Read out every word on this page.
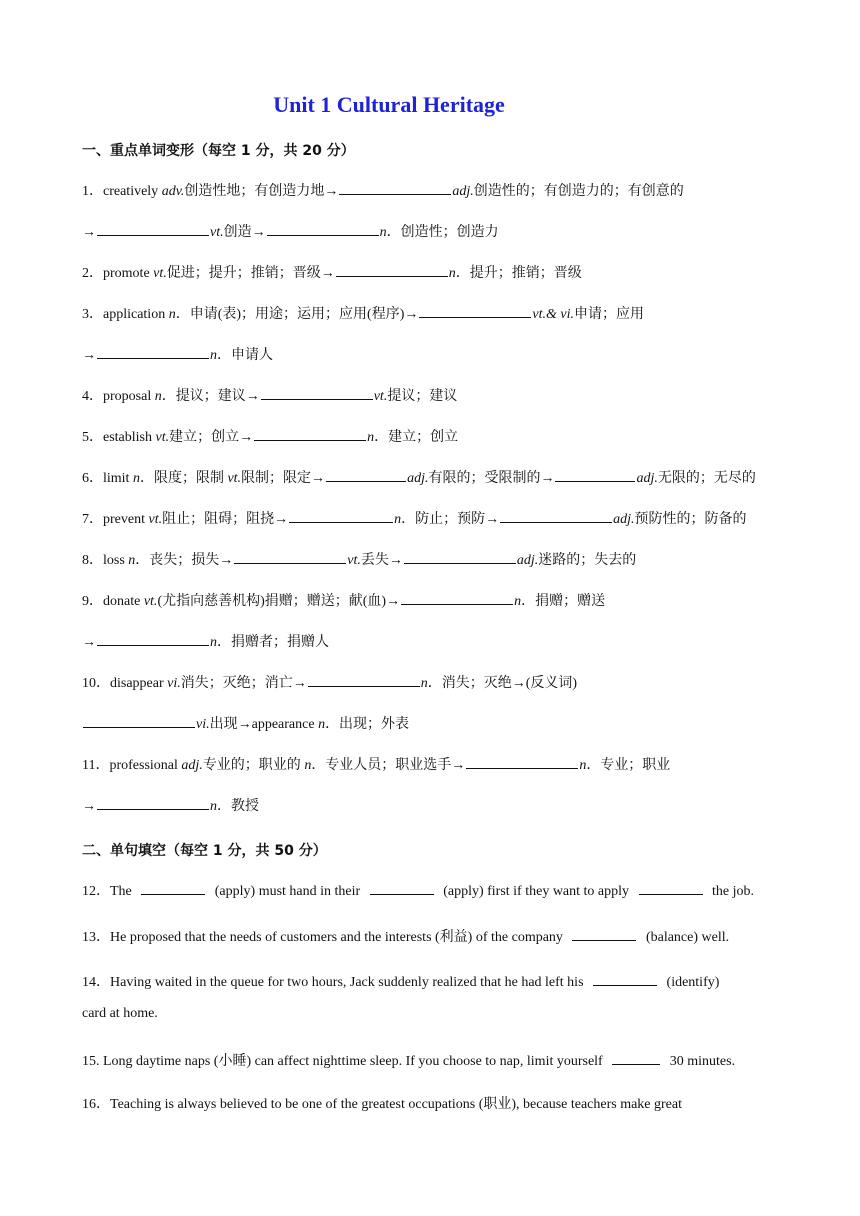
Unit 1 Cultural Heritage
一、重点单词变形（每空 1 分，共 20 分）
1．creatively adv.创造性地；有创造力地→	adj.创造性的；有创造力的；有创意的
→	vt.创造→	n．创造性；创造力
2．promote vt.促进；提升；推销；晋级→	n．提升；推销；晋级
3．application n．申请(表)；用途；运用；应用(程序)→	vt.& vi.申请；应用
→	n．申请人
4．proposal n．提议；建议→	vt.提议；建议
5．establish vt.建立；创立→	n．建立；创立
6．limit n．限度；限制 vt.限制；限定→	adj.有限的；受限制的→	adj.无限的；无尽的
7．prevent vt.阻止；阻碍；阻挠→	n．防止；预防→	adj.预防性的；防备的
8．loss n．丧失；损失→	vt.丢失→	adj.迷路的；失去的
9．donate vt.(尤指向慈善机构)捐赠；赠送；献(血)→	n．捐赠；赠送
→	n．捐赠者；捐赠人
10．disappear vi.消失；灭绝；消亡→	n．消失；灭绝→(反义词)
vi.出现→appearance n．出现；外表
11．professional adj.专业的；职业的 n．专业人员；职业选手→	n．专业；职业
→	n．教授
二、单句填空（每空 1 分，共 50 分）
12．The	(apply) must hand in their	(apply) first if they want to apply	the job.
13．He proposed that the needs of customers and the interests (利益) of the company	(balance) well.
14．Having waited in the queue for two hours, Jack suddenly realized that he had left his	(identify)
card at home.
15. Long daytime naps (小睡) can affect nighttime sleep. If you choose to nap, limit yourself	30 minutes.
16．Teaching is always believed to be one of the greatest occupations (职业), because teachers make great
